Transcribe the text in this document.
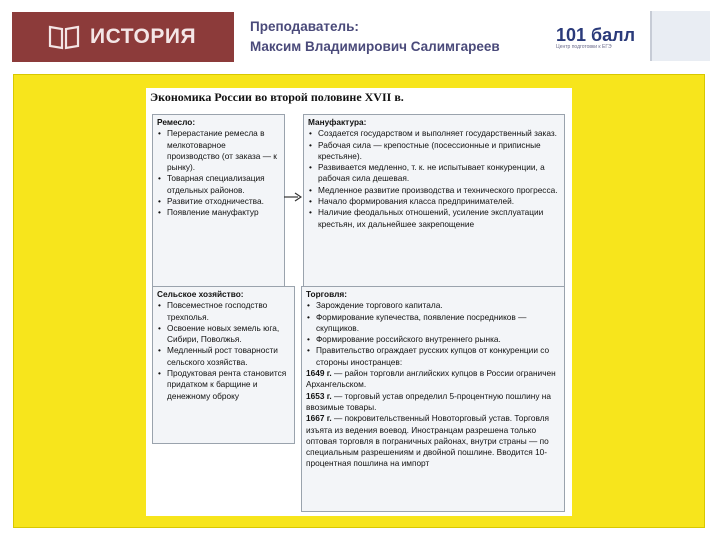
ИСТОРИЯ	Преподаватель:
Максим Владимирович Салимгареев
101 балл
Центр подготовки к ЕГЭ
Экономика России во второй половине XVII в.
Ремесло:
• Перерастание ремесла в мелкотоварное производство (от заказа — к рынку).
• Товарная специализация отдельных районов.
• Развитие отходничества.
• Появление мануфактур
Мануфактура:
• Создается государством и выполняет государственный заказ.
• Рабочая сила — крепостные (посессионные и приписные крестьяне).
• Развивается медленно, т. к. не испытывает конкуренции, а рабочая сила дешевая.
• Медленное развитие производства и технического прогресса.
• Начало формирования класса предпринимателей.
• Наличие феодальных отношений, усиление эксплуатации крестьян, их дальнейшее закрепощение
Сельское хозяйство:
• Повсеместное господство трехполья.
• Освоение новых земель юга, Сибири, Поволжья.
• Медленный рост товарности сельского хозяйства.
• Продуктовая рента становится придатком к барщине и денежному оброку
Торговля:
• Зарождение торгового капитала.
• Формирование купечества, появление посредников — скупщиков.
• Формирование российского внутреннего рынка.
• Правительство ограждает русских купцов от конкуренции со стороны иностранцев:

1649 г. — район торговли английских купцов в России ограничен Архангельском.

1653 г. — торговый устав определил 5-процентную пошлину на ввозимые товары.

1667 г. — покровительственный Новоторговый устав. Торговля изъята из ведения воевод. Иностранцам разрешена только оптовая торговля в пограничных районах, внутри страны — по специальным разрешениям и двойной пошлине. Вводится 10-процентная пошлина на импорт
